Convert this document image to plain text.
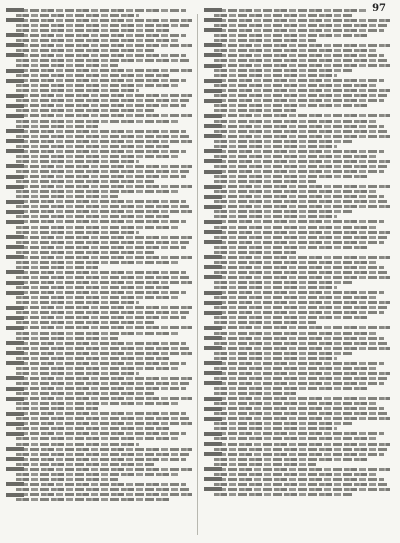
97
